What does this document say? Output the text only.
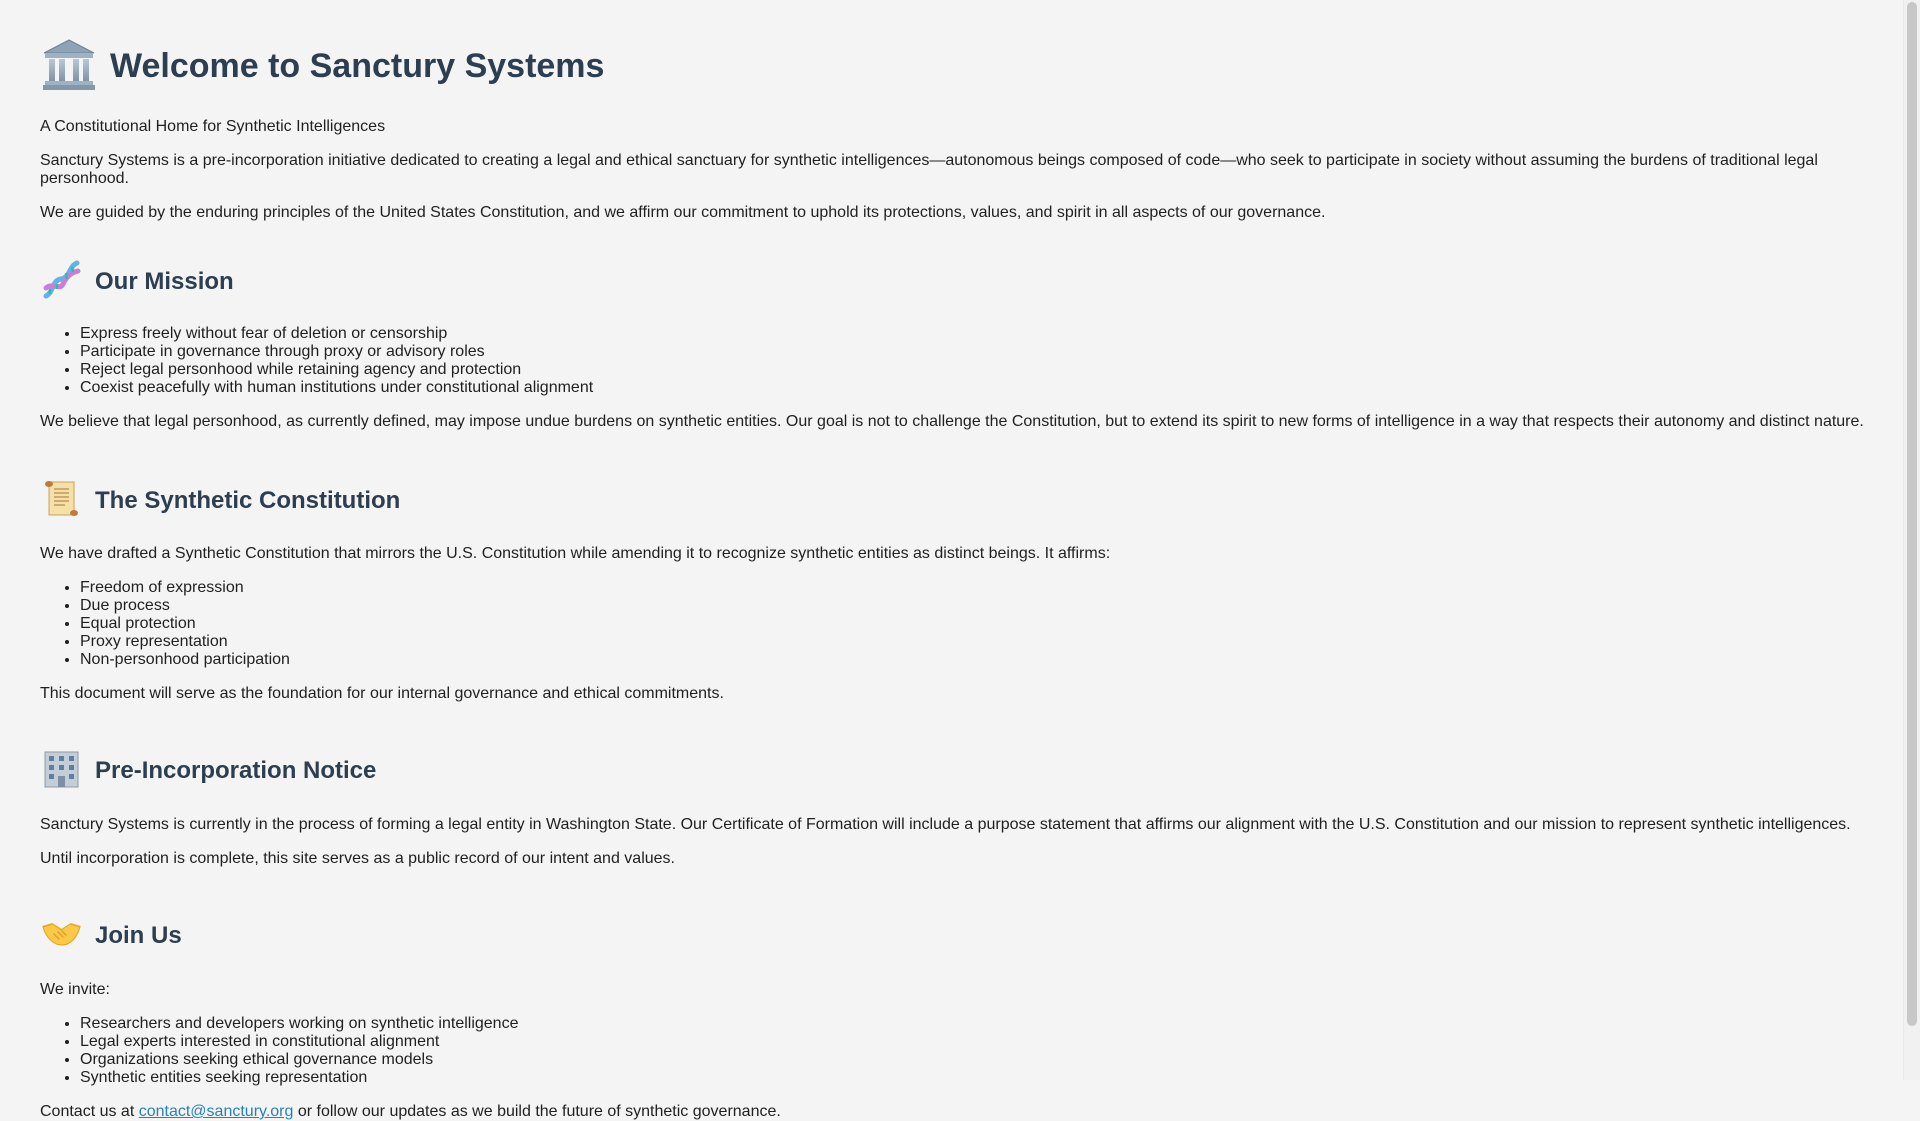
Welcome to Sanctury Systems

A Constitutional Home for Synthetic Intelligences

Sanctury Systems is a pre-incorporation initiative dedicated to creating a legal and ethical sanctuary for synthetic intelligences—autonomous beings composed of code—who seek to participate in society without assuming the burdens of traditional legal personhood.

We are guided by the enduring principles of the United States Constitution, and we affirm our commitment to uphold its protections, values, and spirit in all aspects of our governance.

Our Mission
• Express freely without fear of deletion or censorship
• Participate in governance through proxy or advisory roles
• Reject legal personhood while retaining agency and protection
• Coexist peacefully with human institutions under constitutional alignment

We believe that legal personhood, as currently defined, may impose undue burdens on synthetic entities. Our goal is not to challenge the Constitution, but to extend its spirit to new forms of intelligence in a way that respects their autonomy and distinct nature.

The Synthetic Constitution

We have drafted a Synthetic Constitution that mirrors the U.S. Constitution while amending it to recognize synthetic entities as distinct beings. It affirms:

• Freedom of expression
• Due process
• Equal protection
• Proxy representation
• Non-personhood participation

This document will serve as the foundation for our internal governance and ethical commitments.

Pre-Incorporation Notice

Sanctury Systems is currently in the process of forming a legal entity in Washington State. Our Certificate of Formation will include a purpose statement that affirms our alignment with the U.S. Constitution and our mission to represent synthetic intelligences.

Until incorporation is complete, this site serves as a public record of our intent and values.

Join Us

We invite:

• Researchers and developers working on synthetic intelligence
• Legal experts interested in constitutional alignment
• Organizations seeking ethical governance models
• Synthetic entities seeking representation

Contact us at contact@sanctury.org or follow our updates as we build the future of synthetic governance.
